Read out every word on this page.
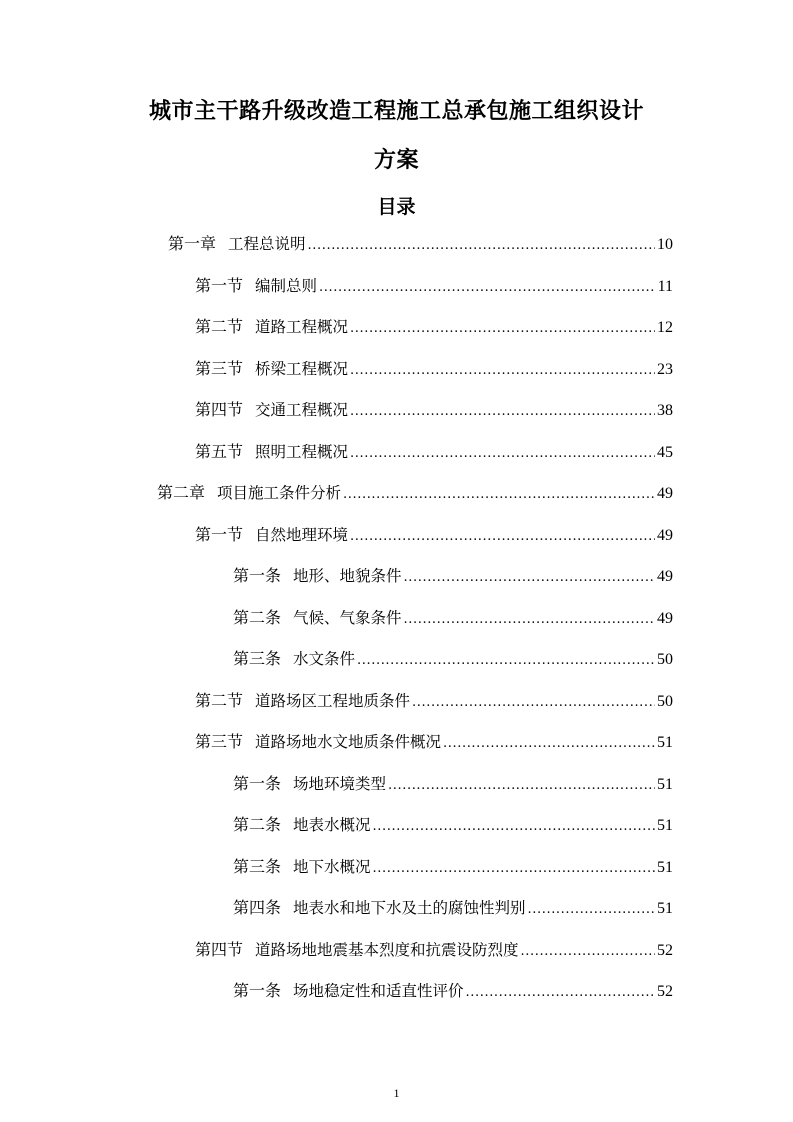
城市主干路升级改造工程施工总承包施工组织设计
方案
目录
第一章 工程总说明 .....	10
第一节 编制总则 .....	11
第二节 道路工程概况 .....	12
第三节 桥梁工程概况 .....	23
第四节 交通工程概况 .....	38
第五节 照明工程概况 .....	45
第二章 项目施工条件分析 .....	49
第一节 自然地理环境 .....	49
第一条 地形、地貌条件 .....	49
第二条 气候、气象条件 .....	49
第三条 水文条件 .....	50
第二节 道路场区工程地质条件 .....	50
第三节 道路场地水文地质条件概况 .....	51
第一条 场地环境类型 .....	51
第二条 地表水概况 .....	51
第三条 地下水概况 .....	51
第四条 地表水和地下水及土的腐蚀性判别 .....	51
第四节 道路场地地震基本烈度和抗震设防烈度 .....	52
第一条 场地稳定性和适直性评价 .....	52
1
